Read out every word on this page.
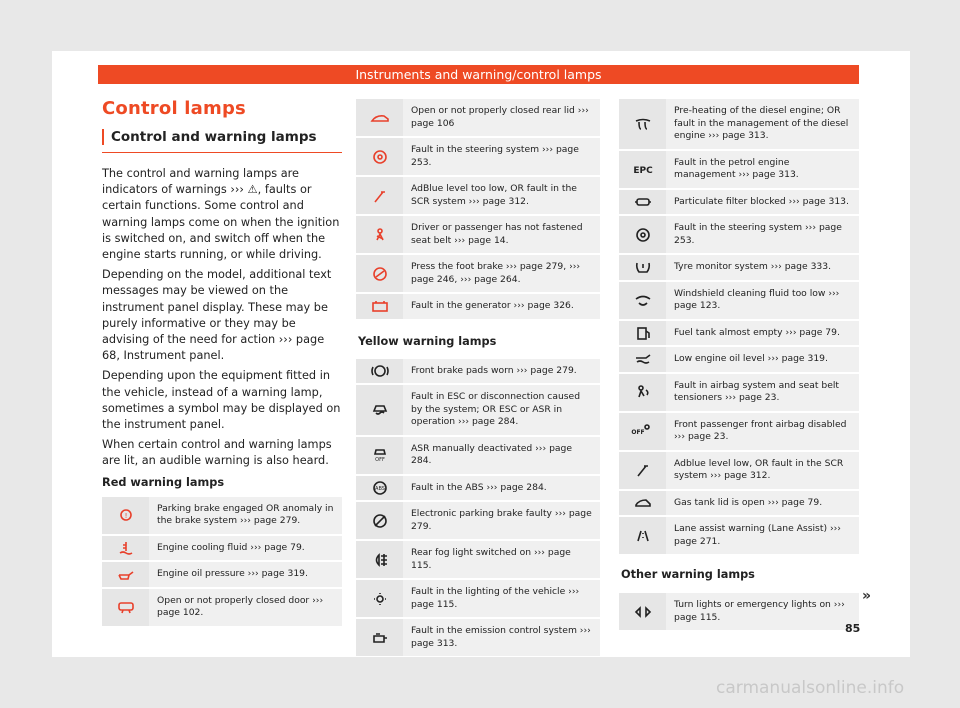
Instruments and warning/control lamps
Control lamps
Control and warning lamps

The control and warning lamps are indicators of warnings ››› ⚠, faults or certain functions. Some control and warning lamps come on when the ignition is switched on, and switch off when the engine starts running, or while driving.

Depending on the model, additional text messages may be viewed on the instrument panel display. These may be purely informative or they may be advising of the need for action ››› page 68, Instrument panel.

Depending upon the equipment fitted in the vehicle, instead of a warning lamp, sometimes a symbol may be displayed on the instrument panel.

When certain control and warning lamps are lit, an audible warning is also heard.

Red warning lamps
!
Parking brake engaged OR anomaly in the brake system ››› page 279.
Engine cooling fluid ››› page 79.
Engine oil pressure ››› page 319.
Open or not properly closed door ››› page 102.
Open or not properly closed rear lid ››› page 106
Fault in the steering system ››› page 253.
AdBlue level too low, OR fault in the SCR system ››› page 312.
Driver or passenger has not fastened seat belt ››› page 14.
Press the foot brake ››› page 279, ››› page 246, ››› page 264.
Fault in the generator ››› page 326.
Yellow warning lamps
Front brake pads worn ››› page 279.
Fault in ESC or disconnection caused by the system; OR ESC or ASR in operation ››› page 284.
OFF
ASR manually deactivated ››› page 284.
ABS	Fault in the ABS ››› page 284.
Electronic parking brake faulty ››› page 279.
Rear fog light switched on ››› page 115.
Fault in the lighting of the vehicle ››› page 115.
Fault in the emission control system ››› page 313.
Pre-heating of the diesel engine; OR fault in the management of the diesel engine ››› page 313.
EPC
Fault in the petrol engine management ››› page 313.
Particulate filter blocked ››› page 313.
Fault in the steering system ››› page 253.
Tyre monitor system ››› page 333.
Windshield cleaning fluid too low ››› page 123.
Fuel tank almost empty ››› page 79.
Low engine oil level ››› page 319.
Fault in airbag system and seat belt tensioners ››› page 23.
OFF
Front passenger front airbag disabled ››› page 23.
Adblue level low, OR fault in the SCR system ››› page 312.
Gas tank lid is open ››› page 79.
Lane assist warning (Lane Assist) ››› page 271.
Other warning lamps
Turn lights or emergency lights on ››› page 115.
»
85
carmanualsonline.info
